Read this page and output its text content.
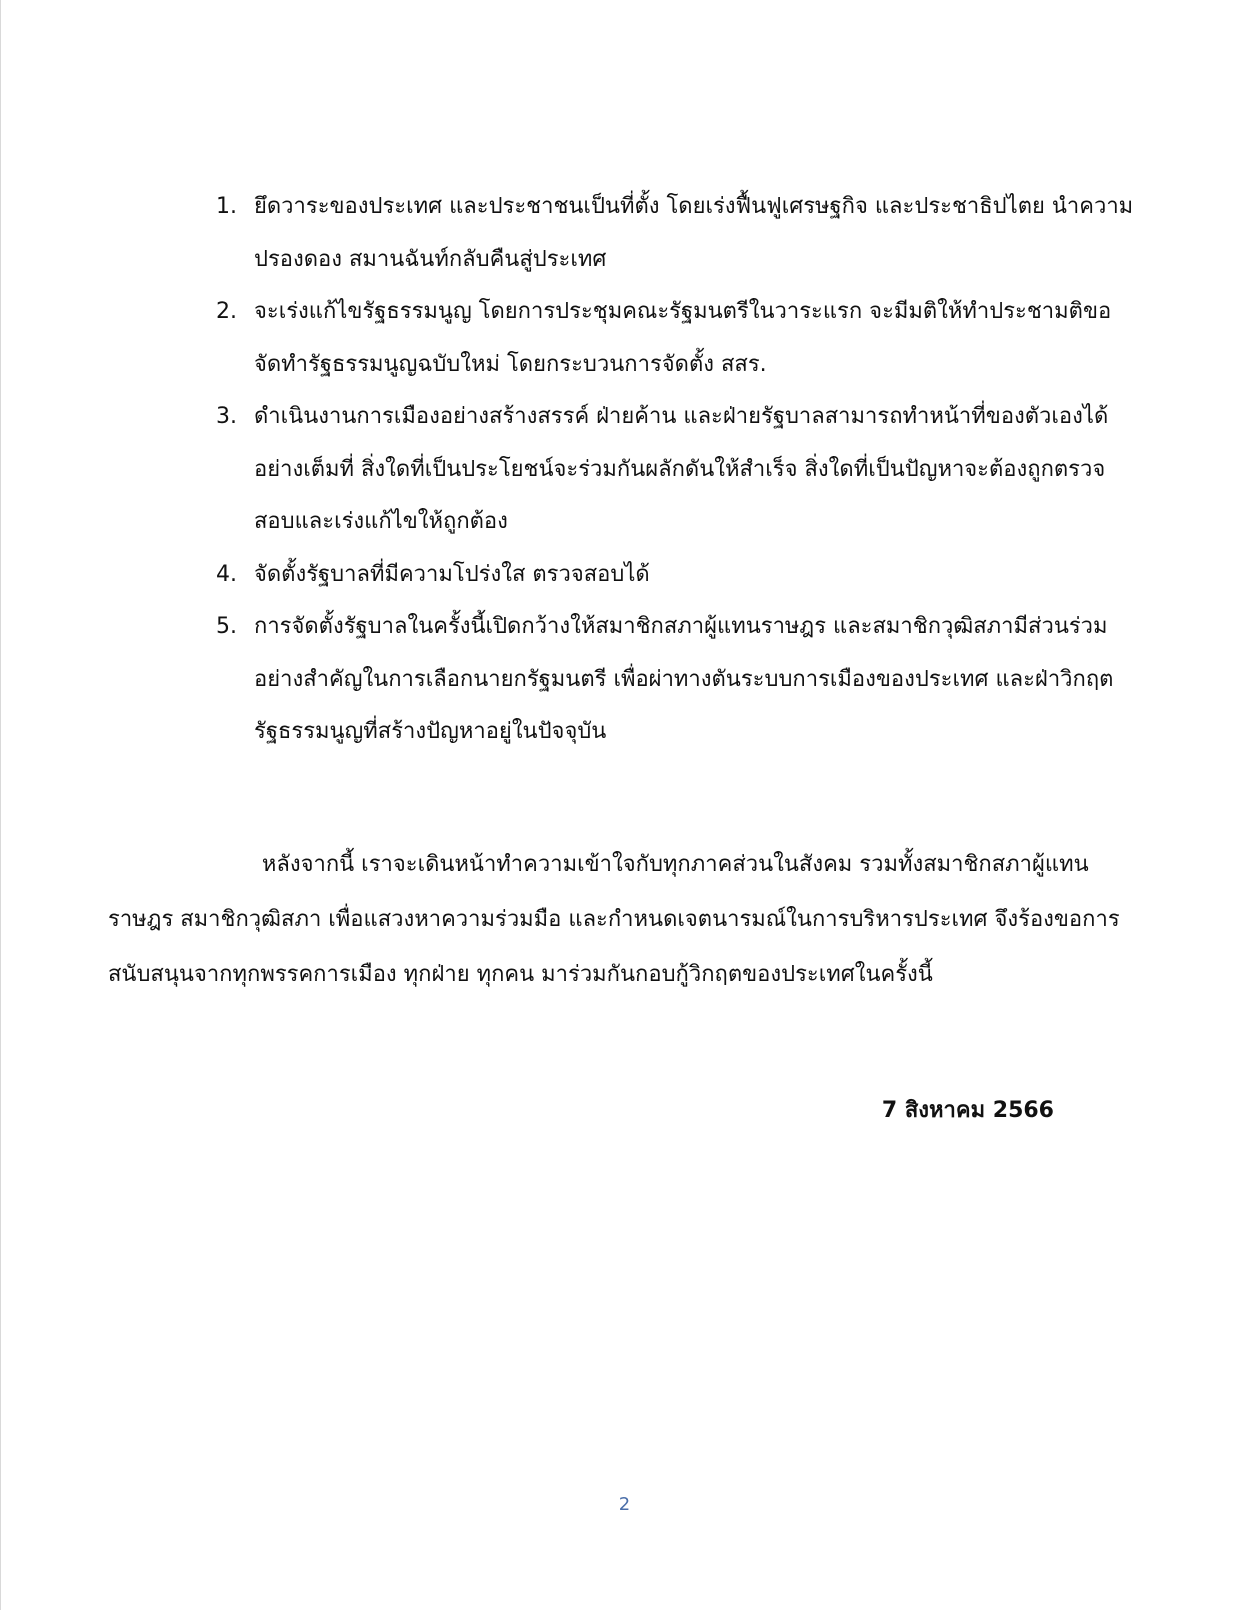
1. ยึดวาระของประเทศ และประชาชนเป็นที่ตั้ง โดยเร่งฟื้นฟูเศรษฐกิจ และประชาธิปไตย นำความปรองดอง สมานฉันท์กลับคืนสู่ประเทศ
2. จะเร่งแก้ไขรัฐธรรมนูญ โดยการประชุมคณะรัฐมนตรีในวาระแรก จะมีมติให้ทำประชามติขอจัดทำรัฐธรรมนูญฉบับใหม่ โดยกระบวนการจัดตั้ง สสร.
3. ดำเนินงานการเมืองอย่างสร้างสรรค์ ฝ่ายค้าน และฝ่ายรัฐบาลสามารถทำหน้าที่ของตัวเองได้อย่างเต็มที่ สิ่งใดที่เป็นประโยชน์จะร่วมกันผลักดันให้สำเร็จ สิ่งใดที่เป็นปัญหาจะต้องถูกตรวจสอบและเร่งแก้ไขให้ถูกต้อง
4. จัดตั้งรัฐบาลที่มีความโปร่งใส ตรวจสอบได้
5. การจัดตั้งรัฐบาลในครั้งนี้เปิดกว้างให้สมาชิกสภาผู้แทนราษฎร และสมาชิกวุฒิสภามีส่วนร่วมอย่างสำคัญในการเลือกนายกรัฐมนตรี เพื่อผ่าทางตันระบบการเมืองของประเทศ และฝ่าวิกฤตรัฐธรรมนูญที่สร้างปัญหาอยู่ในปัจจุบัน

หลังจากนี้ เราจะเดินหน้าทำความเข้าใจกับทุกภาคส่วนในสังคม รวมทั้งสมาชิกสภาผู้แทนราษฎร สมาชิกวุฒิสภา เพื่อแสวงหาความร่วมมือ และกำหนดเจตนารมณ์ในการบริหารประเทศ จึงร้องขอการสนับสนุนจากทุกพรรคการเมือง ทุกฝ่าย ทุกคน มาร่วมกันกอบกู้วิกฤตของประเทศในครั้งนี้

7 สิงหาคม 2566

2
